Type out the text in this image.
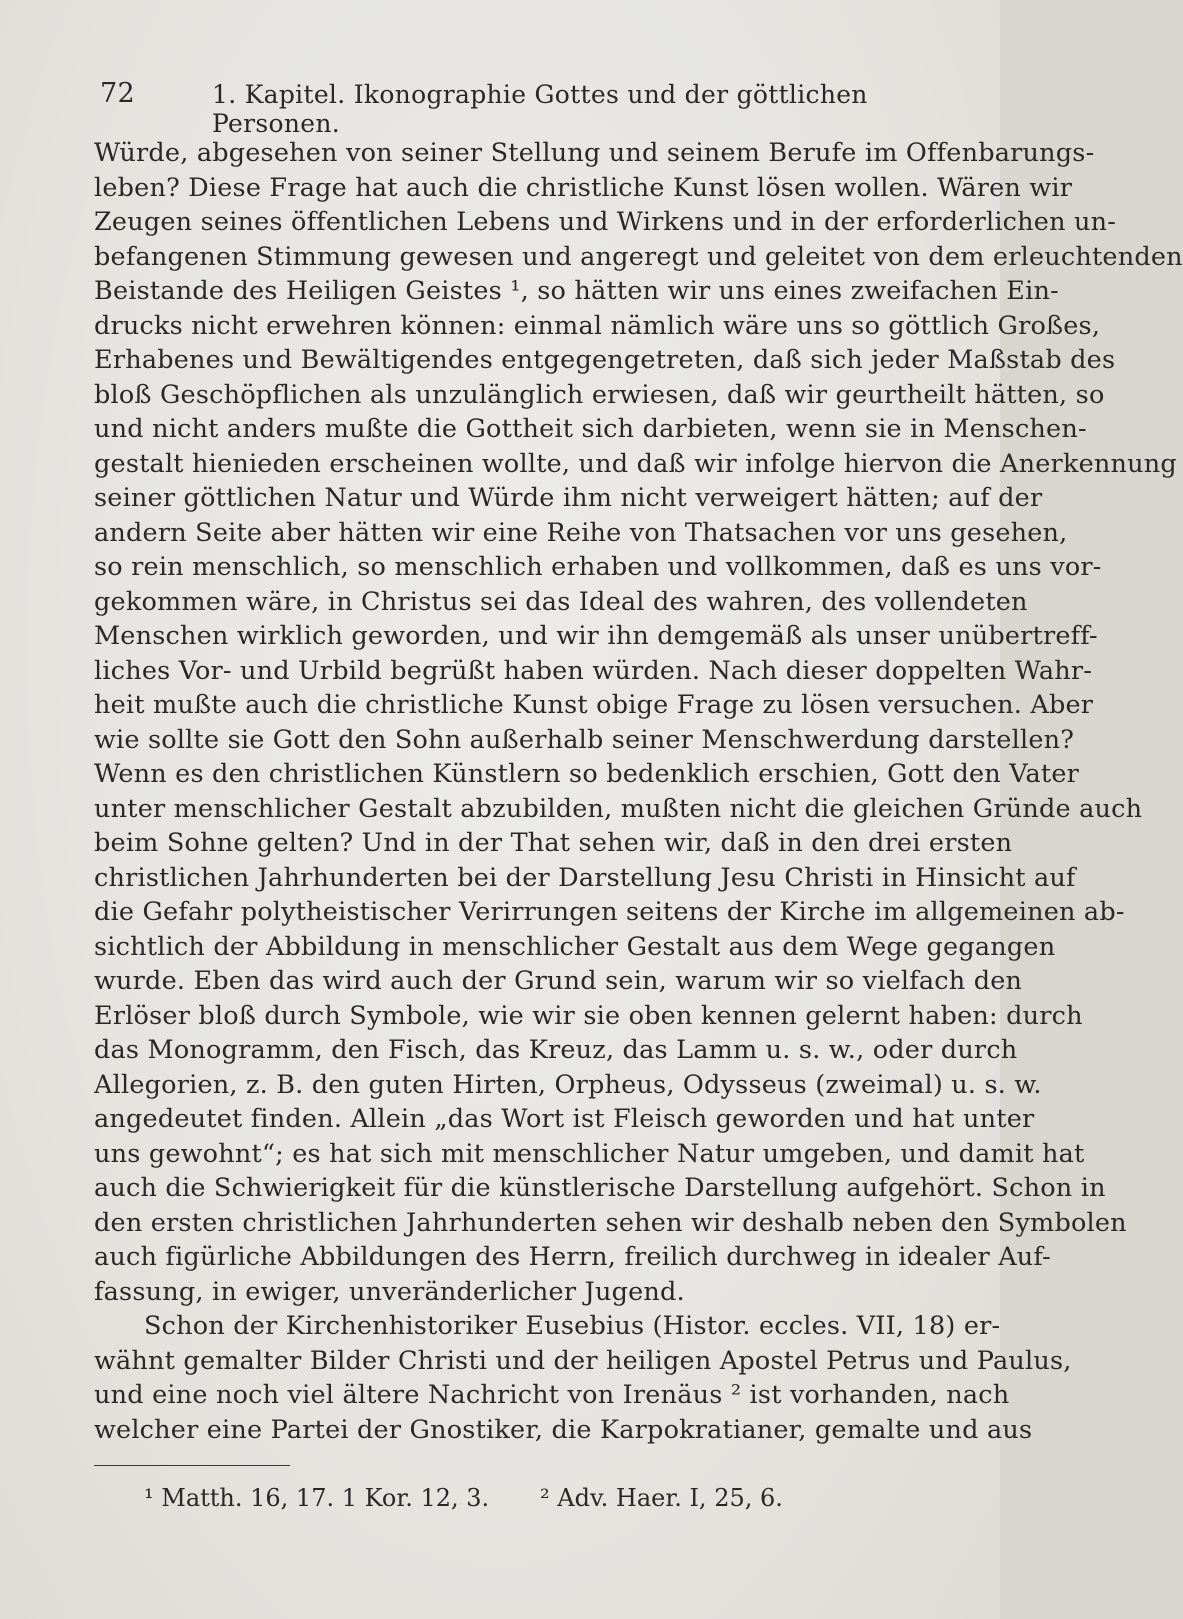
72	1. Kapitel. Ikonographie Gottes und der göttlichen Personen.
Würde, abgesehen von seiner Stellung und seinem Berufe im Offenbarungs-
leben? Diese Frage hat auch die christliche Kunst lösen wollen. Wären wir
Zeugen seines öffentlichen Lebens und Wirkens und in der erforderlichen un-
befangenen Stimmung gewesen und angeregt und geleitet von dem erleuchtenden
Beistande des Heiligen Geistes ¹, so hätten wir uns eines zweifachen Ein-
drucks nicht erwehren können: einmal nämlich wäre uns so göttlich Großes,
Erhabenes und Bewältigendes entgegengetreten, daß sich jeder Maßstab des
bloß Geschöpflichen als unzulänglich erwiesen, daß wir geurtheilt hätten, so
und nicht anders mußte die Gottheit sich darbieten, wenn sie in Menschen-
gestalt hienieden erscheinen wollte, und daß wir infolge hiervon die Anerkennung
seiner göttlichen Natur und Würde ihm nicht verweigert hätten; auf der
andern Seite aber hätten wir eine Reihe von Thatsachen vor uns gesehen,
so rein menschlich, so menschlich erhaben und vollkommen, daß es uns vor-
gekommen wäre, in Christus sei das Ideal des wahren, des vollendeten
Menschen wirklich geworden, und wir ihn demgemäß als unser unübertreff-
liches Vor- und Urbild begrüßt haben würden. Nach dieser doppelten Wahr-
heit mußte auch die christliche Kunst obige Frage zu lösen versuchen. Aber
wie sollte sie Gott den Sohn außerhalb seiner Menschwerdung darstellen?
Wenn es den christlichen Künstlern so bedenklich erschien, Gott den Vater
unter menschlicher Gestalt abzubilden, mußten nicht die gleichen Gründe auch
beim Sohne gelten? Und in der That sehen wir, daß in den drei ersten
christlichen Jahrhunderten bei der Darstellung Jesu Christi in Hinsicht auf
die Gefahr polytheistischer Verirrungen seitens der Kirche im allgemeinen ab-
sichtlich der Abbildung in menschlicher Gestalt aus dem Wege gegangen
wurde. Eben das wird auch der Grund sein, warum wir so vielfach den
Erlöser bloß durch Symbole, wie wir sie oben kennen gelernt haben: durch
das Monogramm, den Fisch, das Kreuz, das Lamm u. s. w., oder durch
Allegorien, z. B. den guten Hirten, Orpheus, Odysseus (zweimal) u. s. w.
angedeutet finden. Allein „das Wort ist Fleisch geworden und hat unter
uns gewohnt“; es hat sich mit menschlicher Natur umgeben, und damit hat
auch die Schwierigkeit für die künstlerische Darstellung aufgehört. Schon in
den ersten christlichen Jahrhunderten sehen wir deshalb neben den Symbolen
auch figürliche Abbildungen des Herrn, freilich durchweg in idealer Auf-
fassung, in ewiger, unveränderlicher Jugend.
Schon der Kirchenhistoriker Eusebius (Histor. eccles. VII, 18) er-
wähnt gemalter Bilder Christi und der heiligen Apostel Petrus und Paulus,
und eine noch viel ältere Nachricht von Irenäus ² ist vorhanden, nach
welcher eine Partei der Gnostiker, die Karpokratianer, gemalte und aus
¹ Matth. 16, 17. 1 Kor. 12, 3. ² Adv. Haer. I, 25, 6.
